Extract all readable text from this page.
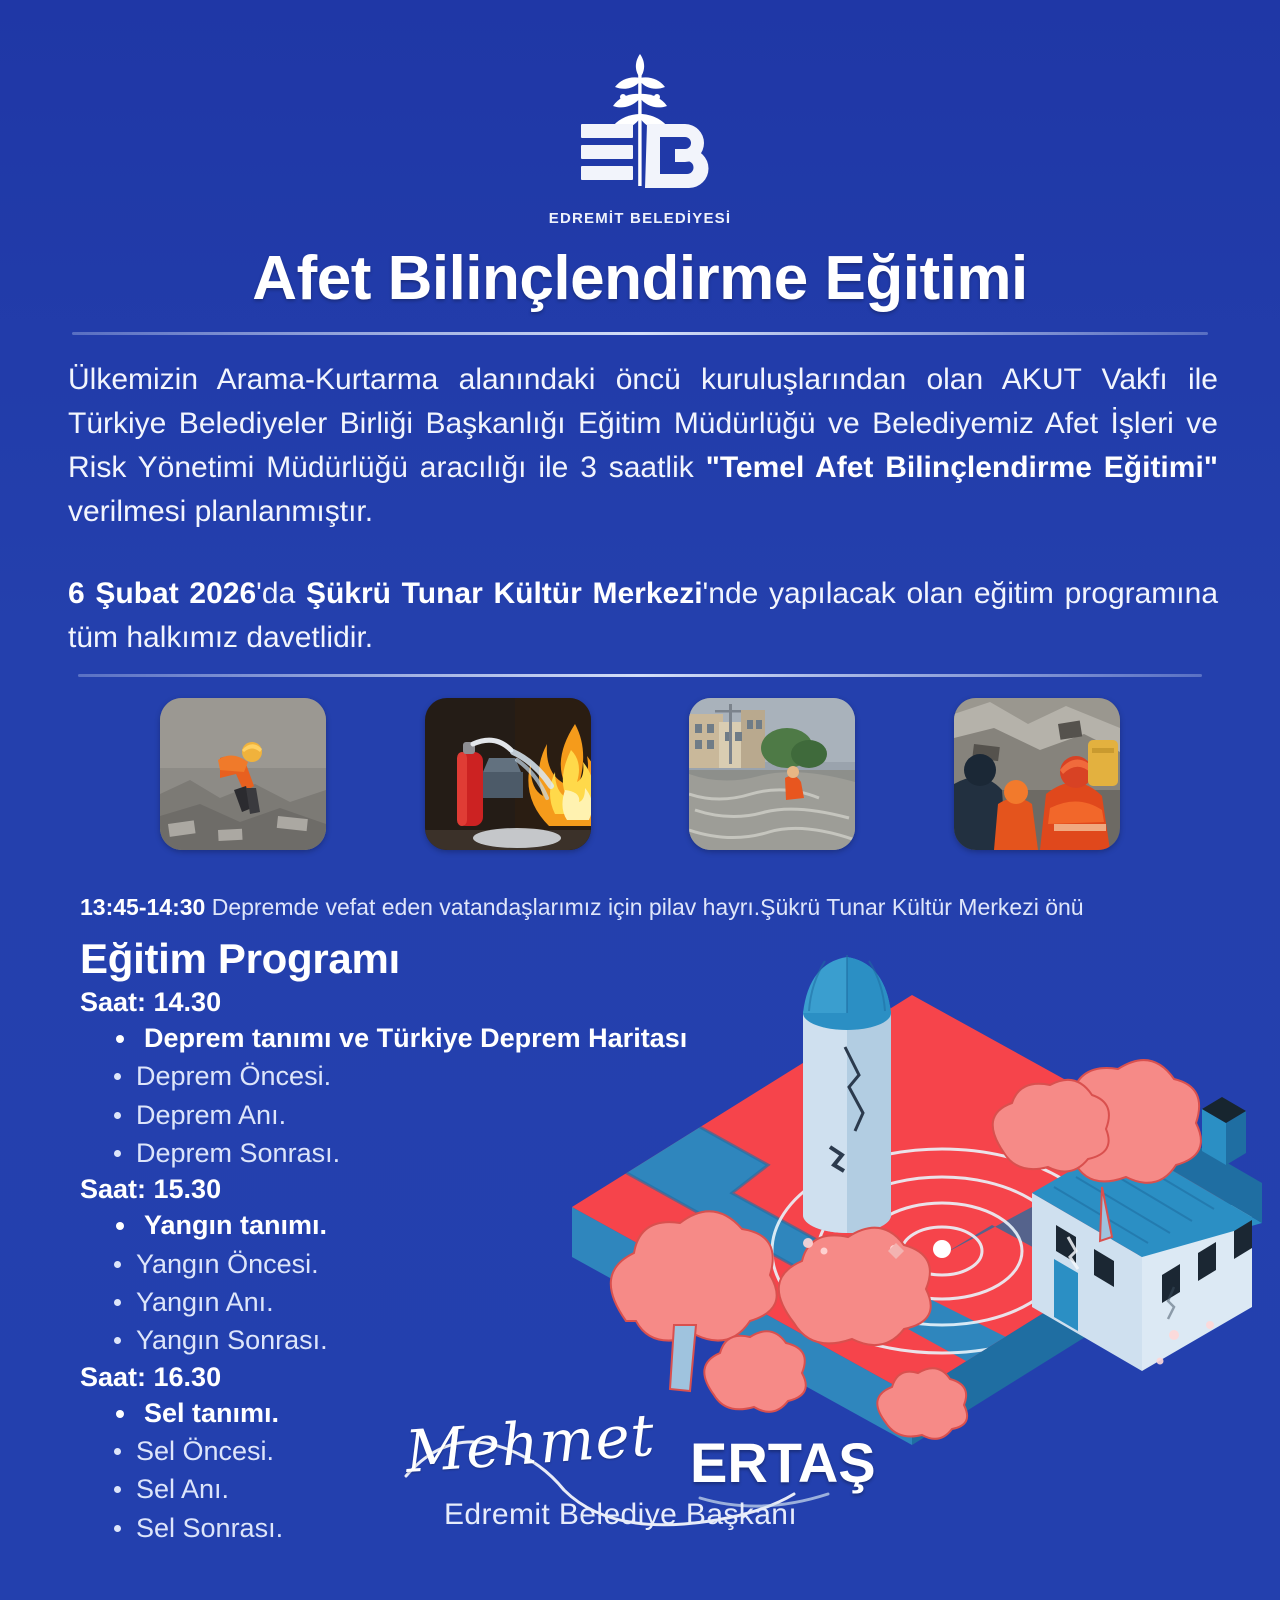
EDREMİT BELEDİYESİ
Afet Bilinçlendirme Eğitimi

Ülkemizin Arama-Kurtarma alanındaki öncü kuruluşlarından olan AKUT Vakfı ile Türkiye Belediyeler Birliği Başkanlığı Eğitim Müdürlüğü ve Belediyemiz Afet İşleri ve Risk Yönetimi Müdürlüğü aracılığı ile 3 saatlik "Temel Afet Bilinçlendirme Eğitimi" verilmesi planlanmıştır.

6 Şubat 2026'da Şükrü Tunar Kültür Merkezi'nde yapılacak olan eğitim programına tüm halkımız davetlidir.

13:45-14:30 Depremde vefat eden vatandaşlarımız için pilav hayrı.Şükrü Tunar Kültür Merkezi önü

Eğitim Programı
Saat: 14.30
Deprem tanımı ve Türkiye Deprem Haritası
Deprem Öncesi.
Deprem Anı.
Deprem Sonrası.
Saat: 15.30
Yangın tanımı.
Yangın Öncesi.
Yangın Anı.
Yangın Sonrası.
Saat: 16.30
Sel tanımı.
Sel Öncesi.
Sel Anı.
Sel Sonrası.
Mehmet ERTAŞ
Edremit Belediye Başkanı
